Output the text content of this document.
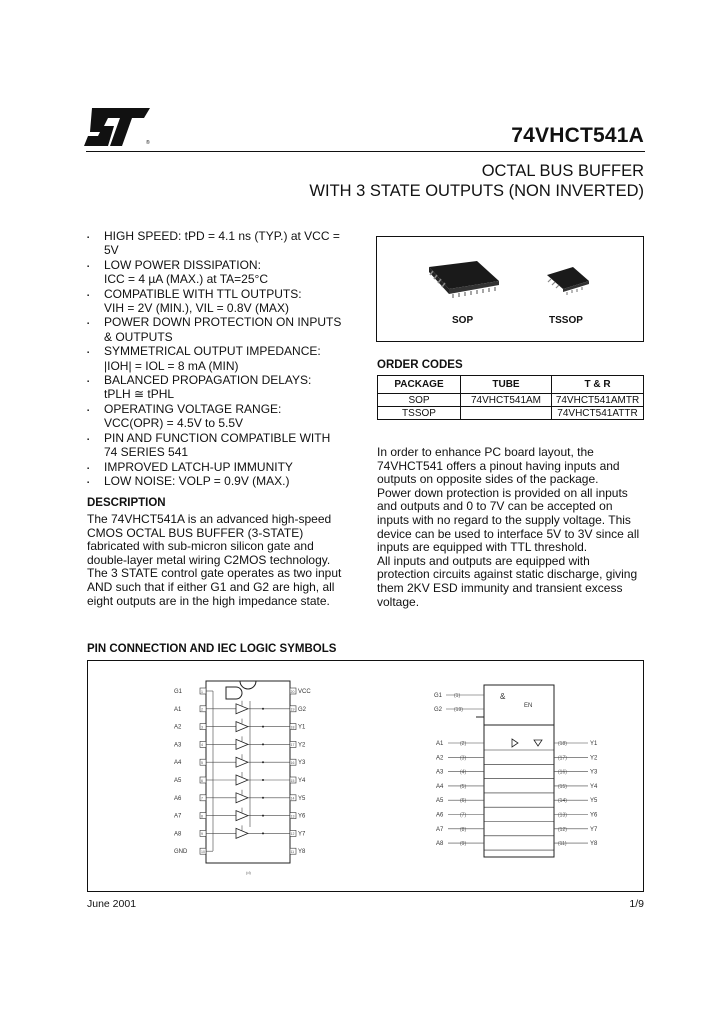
®	74VHCT541A
OCTAL BUS BUFFER
WITH 3 STATE OUTPUTS (NON INVERTED)
▪ HIGH SPEED: tPD = 4.1 ns (TYP.) at VCC = 5V
▪ LOW POWER DISSIPATION:
ICC = 4 µA (MAX.) at TA=25°C
▪ COMPATIBLE WITH TTL OUTPUTS:
VIH = 2V (MIN.), VIL = 0.8V (MAX)
▪ POWER DOWN PROTECTION ON INPUTS
& OUTPUTS
▪ SYMMETRICAL OUTPUT IMPEDANCE:
|IOH| = IOL = 8 mA (MIN)
▪ BALANCED PROPAGATION DELAYS:
tPLH ≅ tPHL
▪ OPERATING VOLTAGE RANGE:
VCC(OPR) = 4.5V to 5.5V
▪ PIN AND FUNCTION COMPATIBLE WITH
74 SERIES 541
▪ IMPROVED LATCH-UP IMMUNITY
▪ LOW NOISE: VOLP = 0.9V (MAX.)
DESCRIPTION
The 74VHCT541A is an advanced high-speed
CMOS OCTAL BUS BUFFER (3-STATE)
fabricated with sub-micron silicon gate and
double-layer metal wiring C2MOS technology.
The 3 STATE control gate operates as two input
AND such that if either G1 and G2 are high, all
eight outputs are in the high impedance state.
SOP	TSSOP
ORDER CODES
PACKAGE	TUBE	T & R
SOP	74VHCT541AM	74VHCT541AMTR
TSSOP		74VHCT541ATTR
In order to enhance PC board layout, the
74VHCT541 offers a pinout having inputs and
outputs on opposite sides of the package.
Power down protection is provided on all inputs
and outputs and 0 to 7V can be accepted on
inputs with no regard to the supply voltage. This
device can be used to interface 5V to 3V since all
inputs are equipped with TTL threshold.
All inputs and outputs are equipped with
protection circuits against static discharge, giving
them 2KV ESD immunity and transient excess
voltage.
PIN CONNECTION AND IEC LOGIC SYMBOLS
G1	1
A1	2
A2	3
A3	4
A4	5
A5	6
A6	7
A7	8
A8	9
GND	10
20 VCC
19 G2
18 Y1
17 Y2
16 Y3
15 Y4
14 Y5
13 Y6
12 Y7
11 Y8
(d)
&
EN
G1 (1)
G2 (19)
A1	(2)
A2	(3)
A3	(4)
A4	(5)
A5	(6)
A6	(7)
A7	(8)
A8	(9)
(18)	Y1
(17)	Y2
(16)	Y3
(15)	Y4
(14)	Y5
(13)	Y6
(12)	Y7
(11)	Y8
June 2001	1/9
